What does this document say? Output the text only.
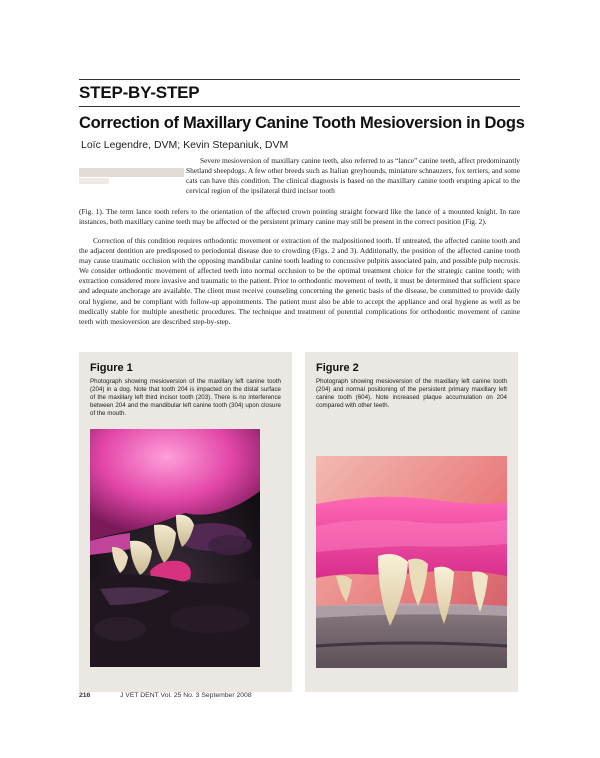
STEP-BY-STEP
Correction of Maxillary Canine Tooth Mesioversion in Dogs
Loïc Legendre, DVM; Kevin Stepaniuk, DVM

Severe mesioversion of maxillary canine teeth, also referred to as “lance” canine teeth, affect predominantly Shetland sheepdogs. A few other breeds such as Italian greyhounds, miniature schnauzers, fox terriers, and some cats can have this condition. The clinical diagnosis is based on the maxillary canine tooth erupting apical to the cervical region of the ipsilateral third incisor tooth

(Fig. 1). The term lance tooth refers to the orientation of the affected crown pointing straight forward like the lance of a mounted knight. In rare instances, both maxillary canine teeth may be affected or the persistent primary canine may still be present in the correct position (Fig. 2).

Correction of this condition requires orthodontic movement or extraction of the malpositioned tooth. If untreated, the affected canine tooth and the adjacent dentition are predisposed to periodontal disease due to crowding (Figs. 2 and 3). Additionally, the position of the affected canine tooth may cause traumatic occlusion with the opposing mandibular canine tooth leading to concussive pulpitis associated pain, and possible pulp necrosis. We consider orthodontic movement of affected teeth into normal occlusion to be the optimal treatment choice for the strategic canine tooth; with extraction considered more invasive and traumatic to the patient. Prior to orthodontic movement of teeth, it must be determined that sufficient space and adequate anchorage are available. The client must receive counseling concerning the genetic basis of the disease, be committed to provide daily oral hygiene, and be compliant with follow-up appointments. The patient must also be able to accept the appliance and oral hygiene as well as be medically stable for multiple anesthetic procedures. The technique and treatment of potential complications for orthodontic movement of canine teeth with mesioversion are described step-by-step.

Figure 1
Photograph showing mesioversion of the maxillary left canine tooth (204) in a dog. Note that tooth 204 is impacted on the distal surface of the maxillary left third incisor tooth (203). There is no interference between 204 and the mandibular left canine tooth (304) upon closure of the mouth.
Figure 2
Photograph showing mesioversion of the maxillary left canine tooth (204) and normal positioning of the persistent primary maxillary left canine tooth (604). Note increased plaque accumulation on 204 compared with other teeth.
216	J VET DENT Vol. 25 No. 3 September 2008
